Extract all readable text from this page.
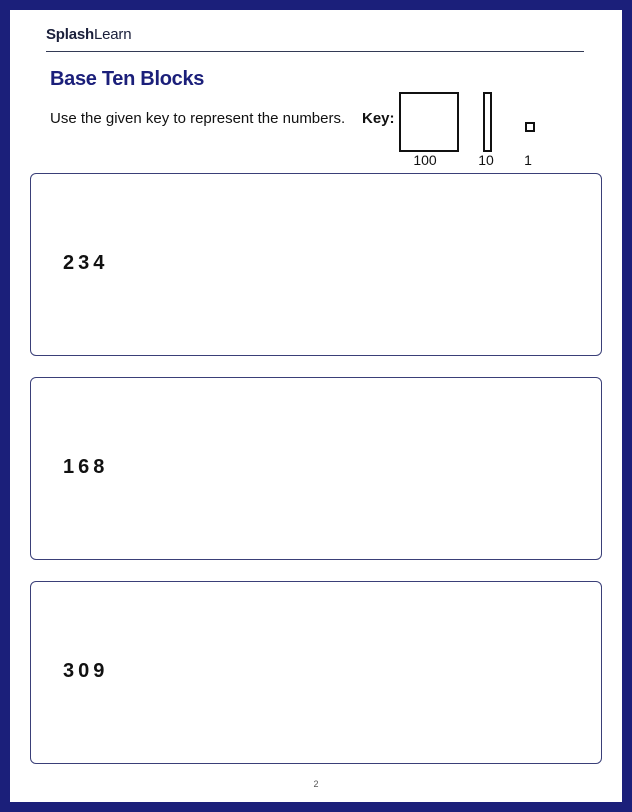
SplashLearn
Base Ten Blocks
Use the given key to represent the numbers. Key:
100	10	1
234
168
309
2
